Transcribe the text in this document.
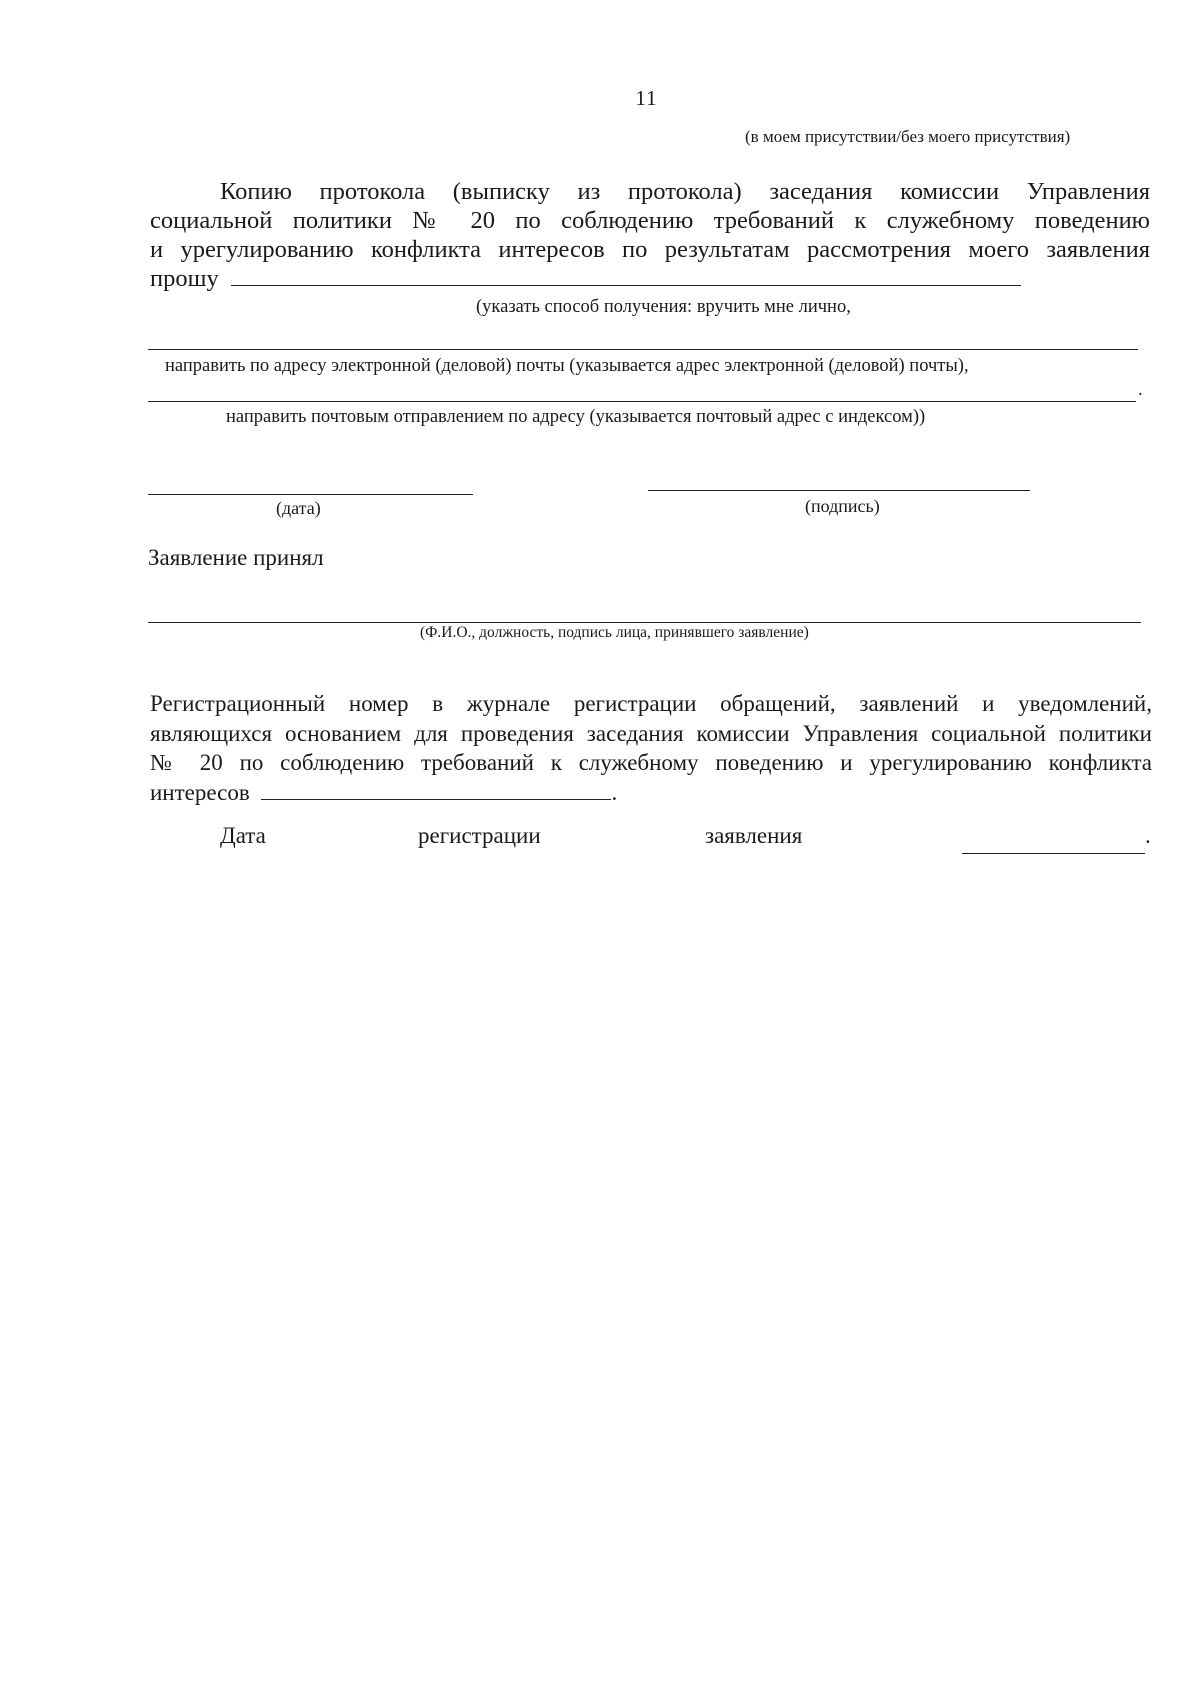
11
(в моем присутствии/без моего присутствия)
Копию протокола (выписку из протокола) заседания комиссии Управления
социальной политики № 20 по соблюдению требований к служебному поведению
и урегулированию конфликта интересов по результатам рассмотрения моего заявления
прошу
(указать способ получения: вручить мне лично,
направить по адресу электронной (деловой) почты (указывается адрес электронной (деловой) почты),
.
направить почтовым отправлением по адресу (указывается почтовый адрес с индексом))
(дата)	(подпись)
Заявление принял
(Ф.И.О., должность, подпись лица, принявшего заявление)
Регистрационный номер в журнале регистрации обращений, заявлений и уведомлений,
являющихся основанием для проведения заседания комиссии Управления социальной политики
№ 20 по соблюдению требований к служебному поведению и урегулированию конфликта
интересов	.
Дата	регистрации	заявления	.
